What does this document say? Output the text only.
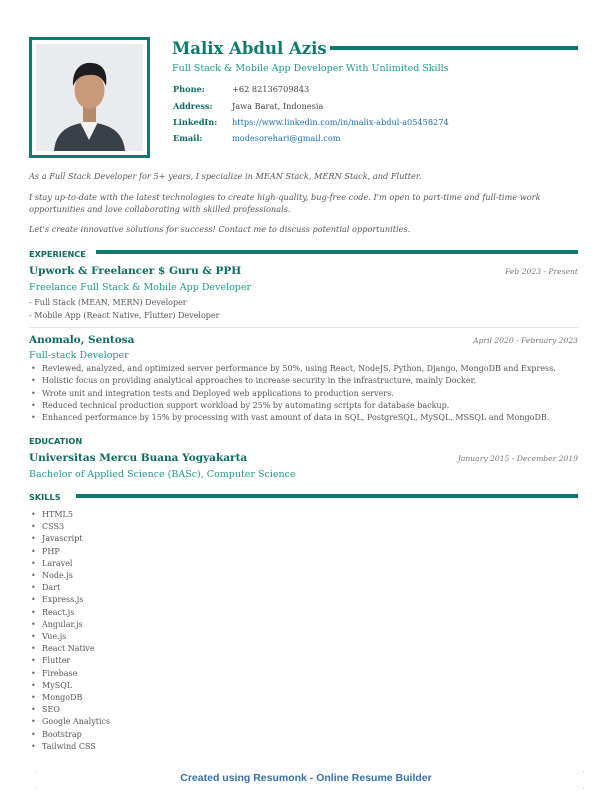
Malix Abdul Azis
Full Stack & Mobile App Developer With Unlimited Skills
Phone:	+62 82136709843
Address: Jawa Barat, Indonesia
LinkedIn: https://www.linkedin.com/in/malix-abdul-a05458274
Email:	modesorehari@gmail.com
As a Full Stack Developer for 5+ years, I specialize in MEAN Stack, MERN Stack, and Flutter.
I stay up-to-date with the latest technologies to create high-quality, bug-free code. I'm open to part-time and full-time work opportunities and love collaborating with skilled professionals.
Let's create innovative solutions for success! Contact me to discuss potential opportunities.
EXPERIENCE
Upwork & Freelancer $ Guru & PPH	Feb 2023 - Present
Freelance Full Stack & Mobile App Developer
- Full Stack (MEAN, MERN) Developer
- Mobile App (React Native, Flutter) Developer
Anomalo, Sentosa	April 2020 - February 2023
Full-stack Developer
• Reviewed, analyzed, and optimized server performance by 50%, using React, NodeJS, Python, Django, MongoDB and Express.
• Holistic focus on providing analytical approaches to increase security in the infrastructure, mainly Docker.
• Wrote unit and integration tests and Deployed web applications to production servers.
• Reduced technical production support workload by 25% by automating scripts for database backup.
• Enhanced performance by 15% by processing with vast amount of data in SQL, PostgreSQL, MySQL, MSSQL and MongoDB.
EDUCATION
Universitas Mercu Buana Yogyakarta	January 2015 - December 2019
Bachelor of Applied Science (BASc), Computer Science
SKILLS
• HTML5
• CSS3
• Javascript
• PHP
• Laravel
• Node.js
• Dart
• Express.js
• React.js
• Angular.js
• Vue.js
• React Native
• Flutter
• Firebase
• MySQL
• MongoDB
• SEO
• Google Analytics
• Bootstrap
• Tailwind CSS
Created using Resumonk - Online Resume Builder
